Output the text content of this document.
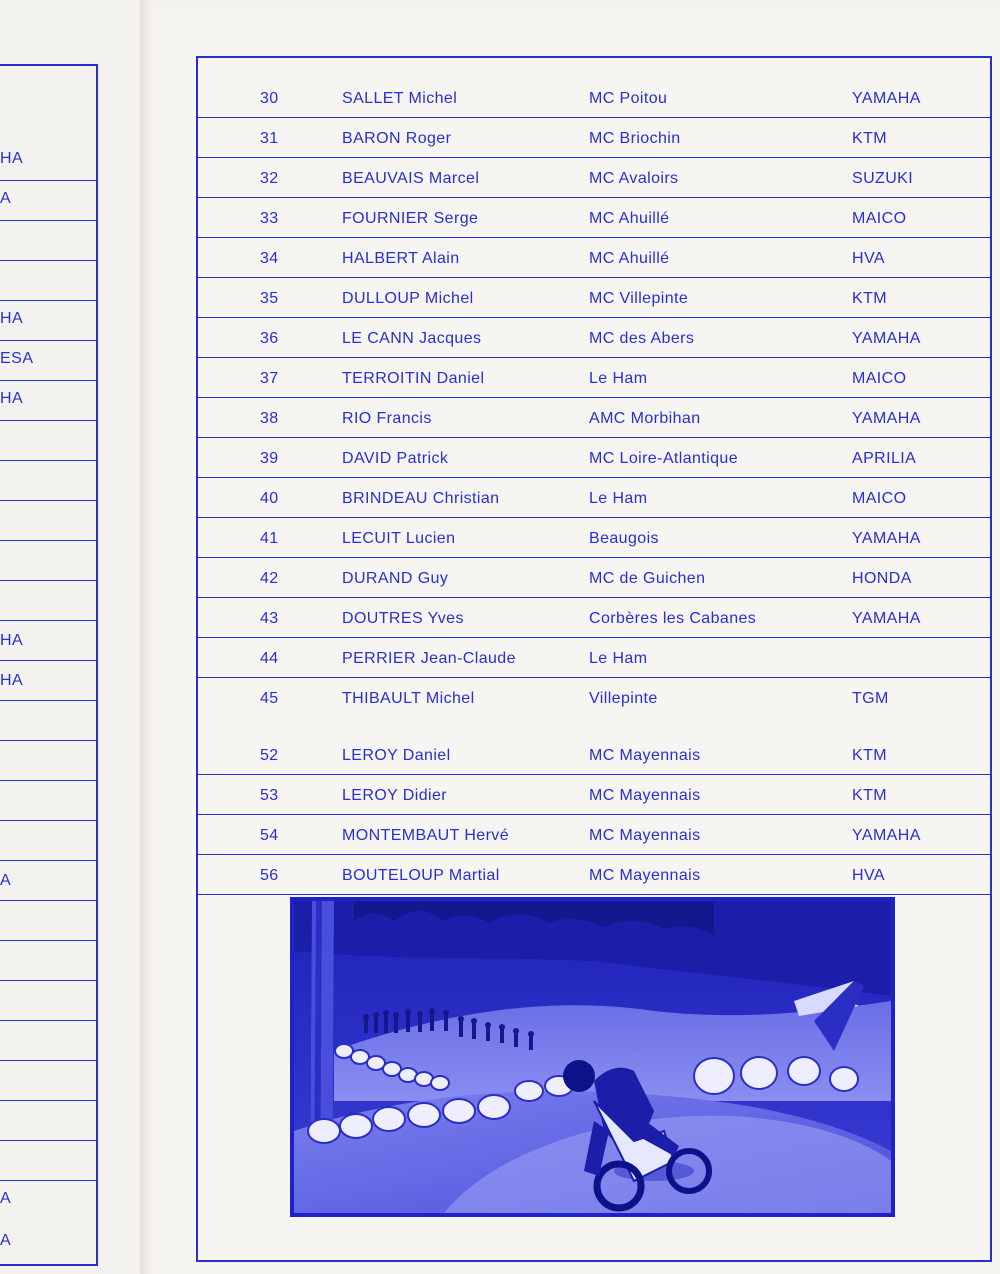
HA
A
HA
ESA
HA
HA
HA
A
A
A
30	SALLET Michel	MC Poitou	YAMAHA
31	BARON Roger	MC Briochin	KTM
32	BEAUVAIS Marcel	MC Avaloirs	SUZUKI
33	FOURNIER Serge	MC Ahuillé	MAICO
34	HALBERT Alain	MC Ahuillé	HVA
35	DULLOUP Michel	MC Villepinte	KTM
36	LE CANN Jacques	MC des Abers	YAMAHA
37	TERROITIN Daniel	Le Ham	MAICO
38	RIO Francis	AMC Morbihan	YAMAHA
39	DAVID Patrick	MC Loire-Atlantique	APRILIA
40	BRINDEAU Christian	Le Ham	MAICO
41	LECUIT Lucien	Beaugois	YAMAHA
42	DURAND Guy	MC de Guichen	HONDA
43	DOUTRES Yves	Corbères les Cabanes	YAMAHA
44	PERRIER Jean-Claude	Le Ham
45	THIBAULT Michel	Villepinte	TGM
52	LEROY Daniel	MC Mayennais	KTM
53	LEROY Didier	MC Mayennais	KTM
54	MONTEMBAUT Hervé	MC Mayennais	YAMAHA
56	BOUTELOUP Martial	MC Mayennais	HVA
